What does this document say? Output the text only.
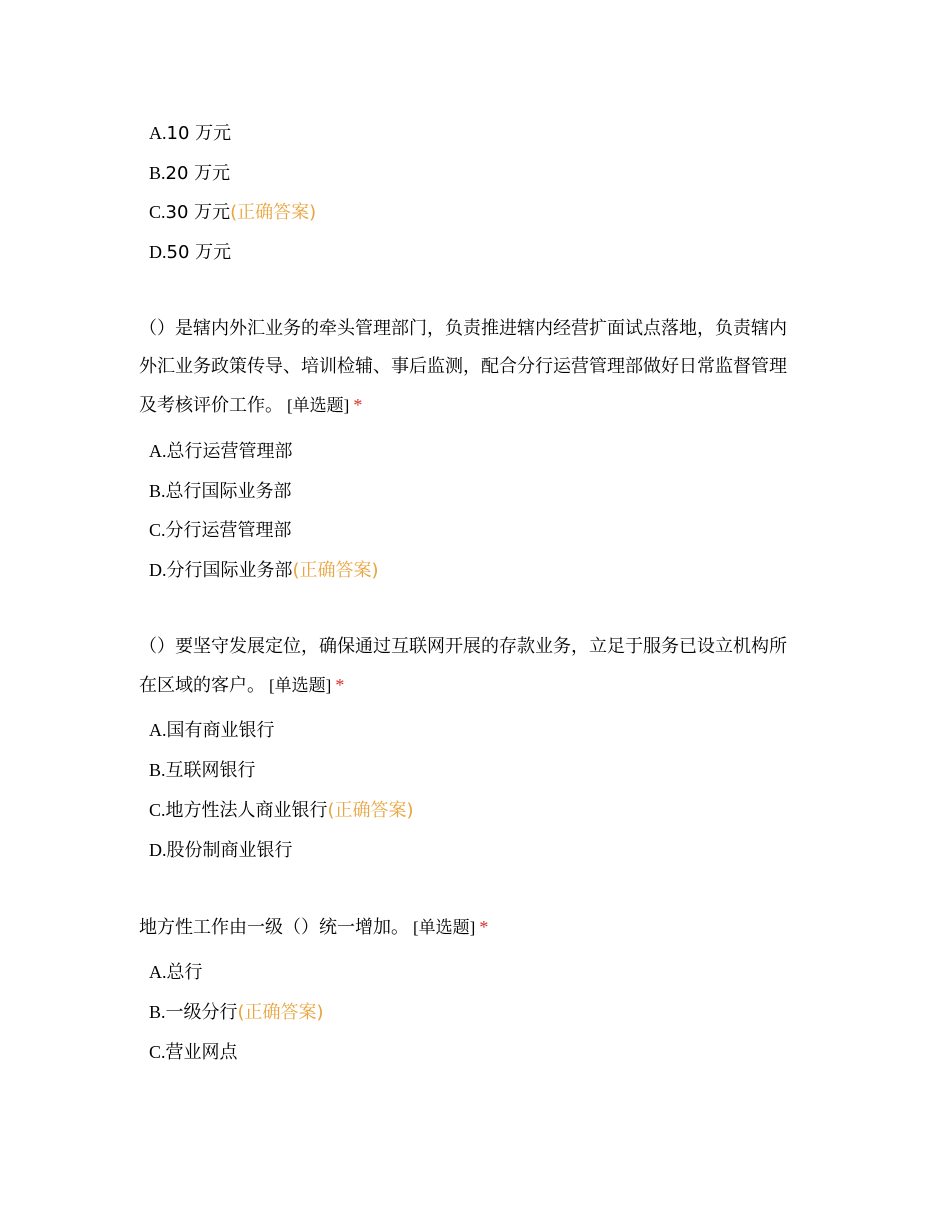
A.10 万元
B.20 万元
C.30 万元(正确答案)
D.50 万元
（）是辖内外汇业务的牵头管理部门，负责推进辖内经营扩面试点落地，负责辖内
外汇业务政策传导、培训检辅、事后监测，配合分行运营管理部做好日常监督管理
及考核评价工作。 [单选题] *
A.总行运营管理部
B.总行国际业务部
C.分行运营管理部
D.分行国际业务部(正确答案)
（）要坚守发展定位，确保通过互联网开展的存款业务，立足于服务已设立机构所
在区域的客户。 [单选题] *
A.国有商业银行
B.互联网银行
C.地方性法人商业银行(正确答案)
D.股份制商业银行
地方性工作由一级（）统一增加。 [单选题] *
A.总行
B.一级分行(正确答案)
C.营业网点
